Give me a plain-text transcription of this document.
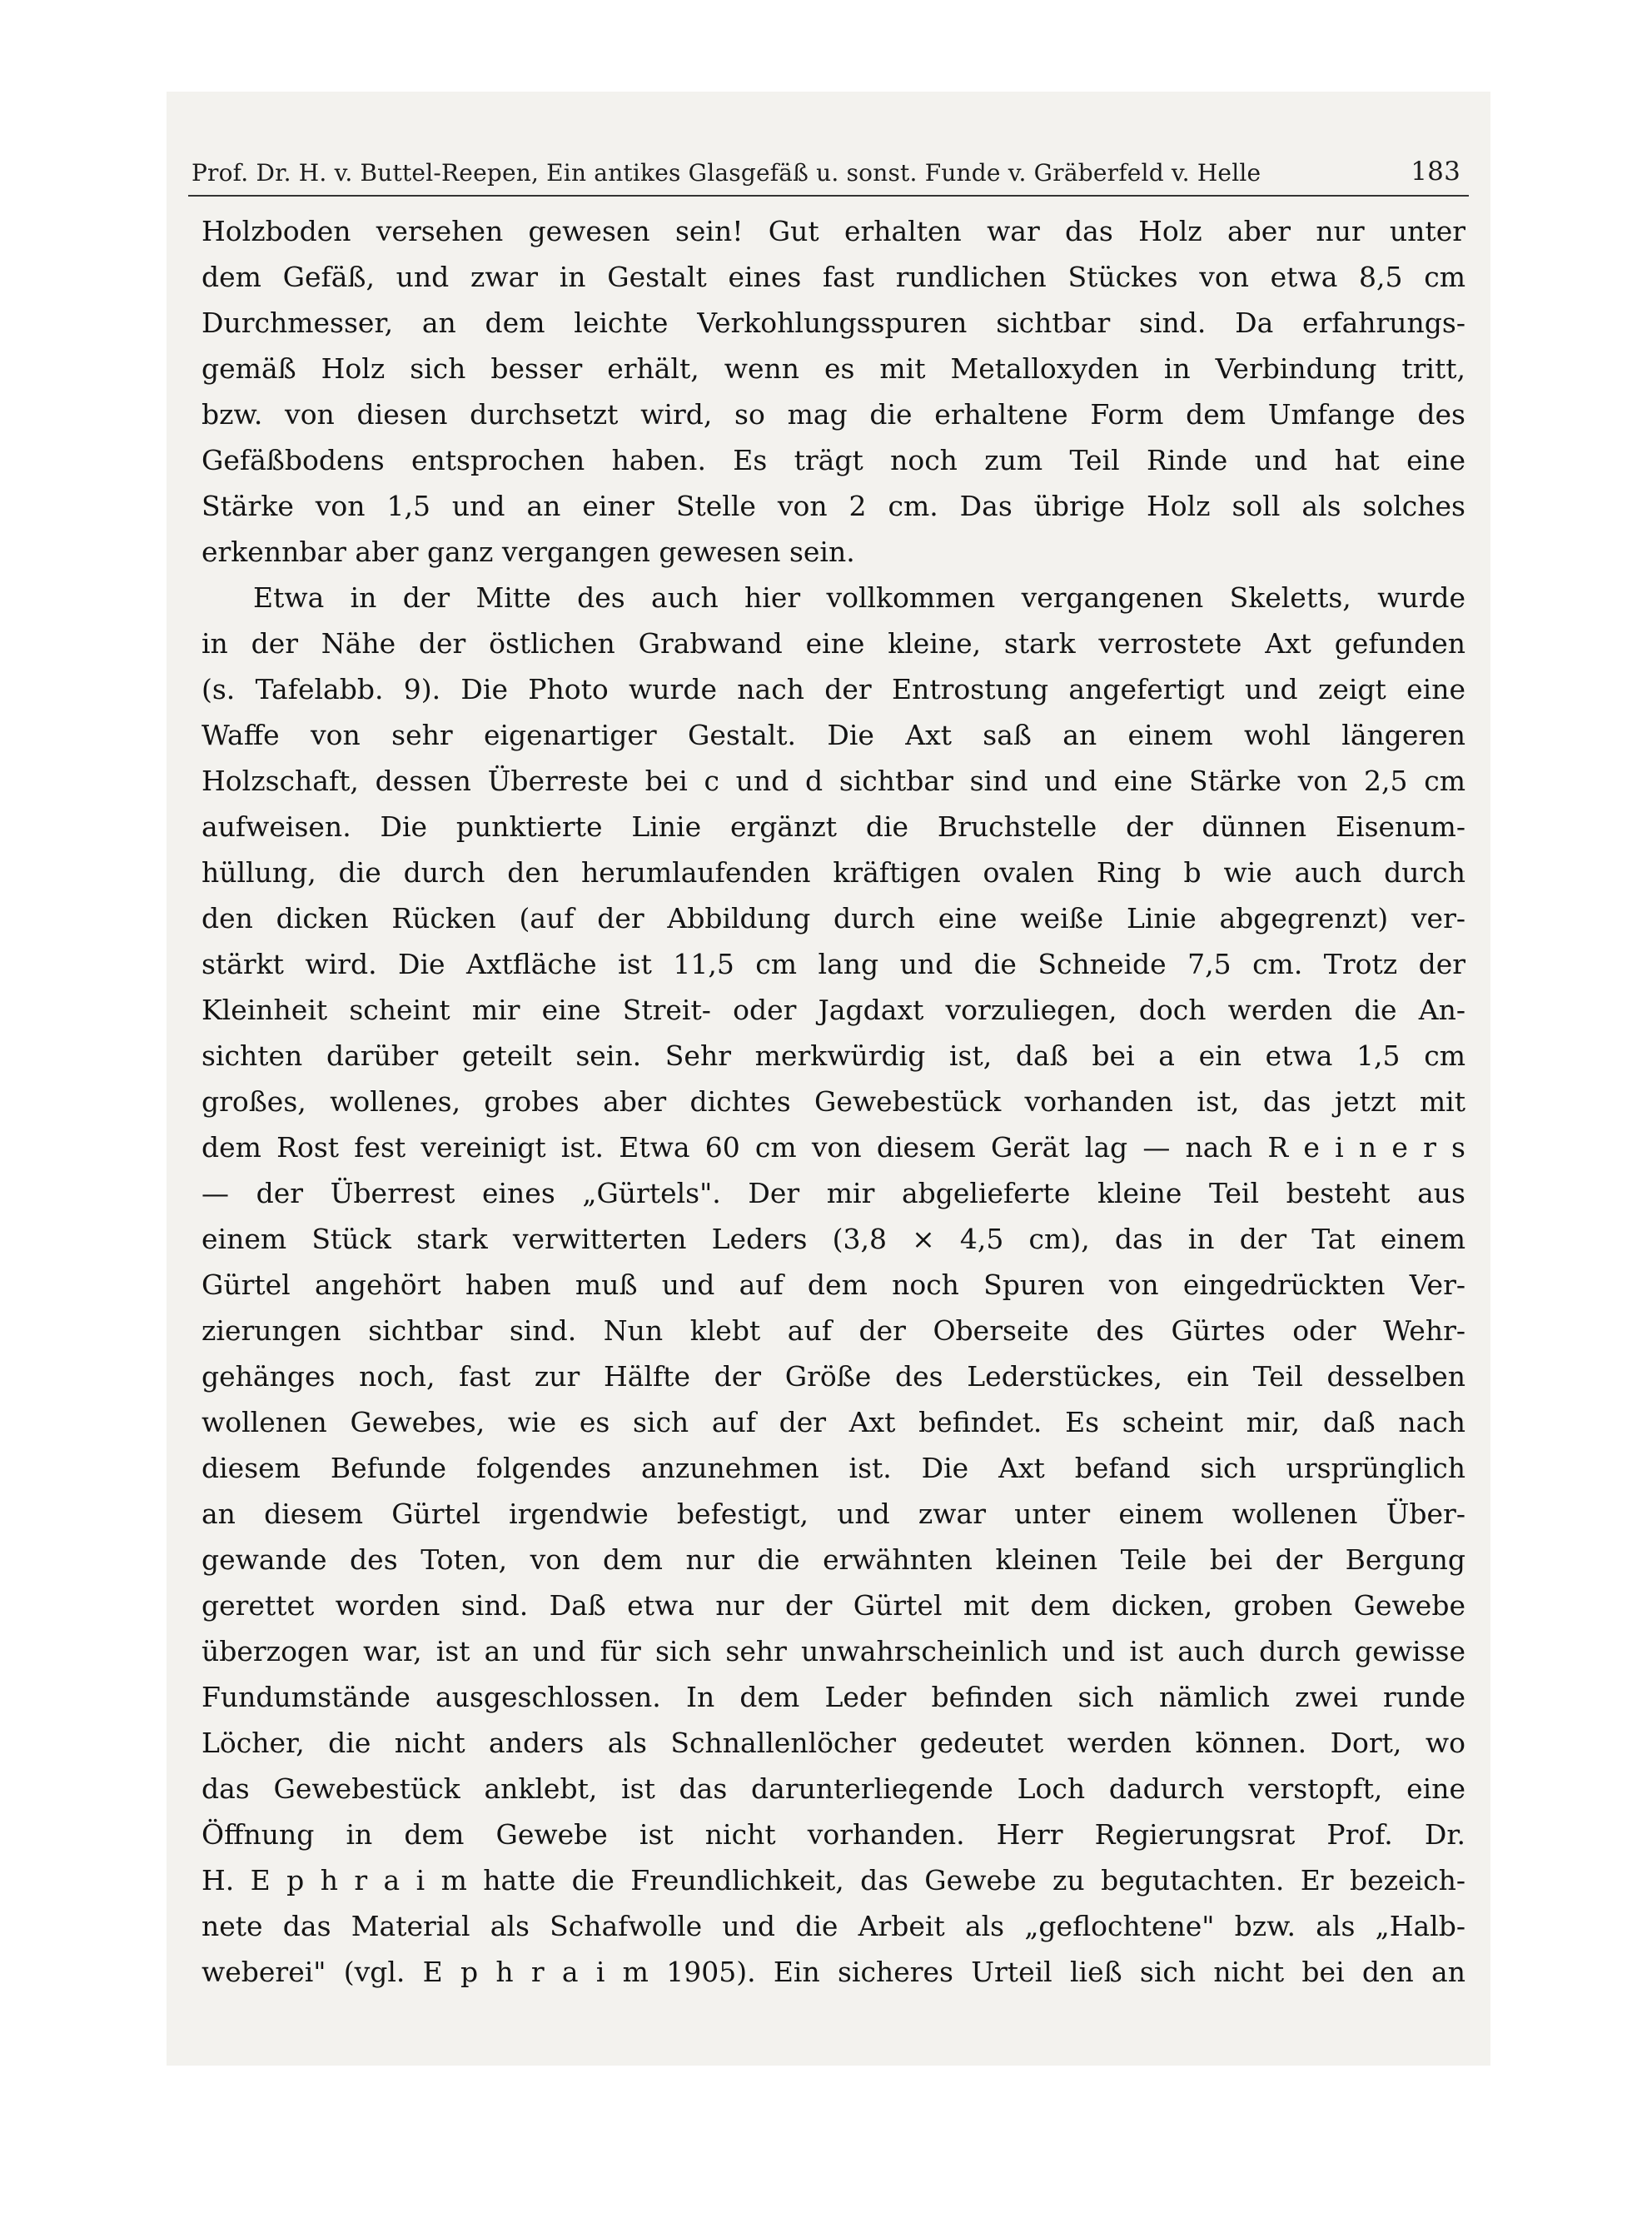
Prof. Dr. H. v. Buttel-Reepen, Ein antikes Glasgefäß u. sonst. Funde v. Gräberfeld v. Helle	183
Holzboden versehen gewesen sein! Gut erhalten war das Holz aber nur unter
dem Gefäß, und zwar in Gestalt eines fast rundlichen Stückes von etwa 8,5 cm
Durchmesser, an dem leichte Verkohlungsspuren sichtbar sind. Da erfahrungs-
gemäß Holz sich besser erhält, wenn es mit Metalloxyden in Verbindung tritt,
bzw. von diesen durchsetzt wird, so mag die erhaltene Form dem Umfange des
Gefäßbodens entsprochen haben. Es trägt noch zum Teil Rinde und hat eine
Stärke von 1,5 und an einer Stelle von 2 cm. Das übrige Holz soll als solches
erkennbar aber ganz vergangen gewesen sein.
Etwa in der Mitte des auch hier vollkommen vergangenen Skeletts, wurde
in der Nähe der östlichen Grabwand eine kleine, stark verrostete Axt gefunden
(s. Tafelabb. 9). Die Photo wurde nach der Entrostung angefertigt und zeigt eine
Waffe von sehr eigenartiger Gestalt. Die Axt saß an einem wohl längeren
Holzschaft, dessen Überreste bei c und d sichtbar sind und eine Stärke von 2,5 cm
aufweisen. Die punktierte Linie ergänzt die Bruchstelle der dünnen Eisenum-
hüllung, die durch den herumlaufenden kräftigen ovalen Ring b wie auch durch
den dicken Rücken (auf der Abbildung durch eine weiße Linie abgegrenzt) ver-
stärkt wird. Die Axtfläche ist 11,5 cm lang und die Schneide 7,5 cm. Trotz der
Kleinheit scheint mir eine Streit- oder Jagdaxt vorzuliegen, doch werden die An-
sichten darüber geteilt sein. Sehr merkwürdig ist, daß bei a ein etwa 1,5 cm
großes, wollenes, grobes aber dichtes Gewebestück vorhanden ist, das jetzt mit
dem Rost fest vereinigt ist. Etwa 60 cm von diesem Gerät lag — nach R e i n e r s
— der Überrest eines „Gürtels". Der mir abgelieferte kleine Teil besteht aus
einem Stück stark verwitterten Leders (3,8 × 4,5 cm), das in der Tat einem
Gürtel angehört haben muß und auf dem noch Spuren von eingedrückten Ver-
zierungen sichtbar sind. Nun klebt auf der Oberseite des Gürtes oder Wehr-
gehänges noch, fast zur Hälfte der Größe des Lederstückes, ein Teil desselben
wollenen Gewebes, wie es sich auf der Axt befindet. Es scheint mir, daß nach
diesem Befunde folgendes anzunehmen ist. Die Axt befand sich ursprünglich
an diesem Gürtel irgendwie befestigt, und zwar unter einem wollenen Über-
gewande des Toten, von dem nur die erwähnten kleinen Teile bei der Bergung
gerettet worden sind. Daß etwa nur der Gürtel mit dem dicken, groben Gewebe
überzogen war, ist an und für sich sehr unwahrscheinlich und ist auch durch gewisse
Fundumstände ausgeschlossen. In dem Leder befinden sich nämlich zwei runde
Löcher, die nicht anders als Schnallenlöcher gedeutet werden können. Dort, wo
das Gewebestück anklebt, ist das darunterliegende Loch dadurch verstopft, eine
Öffnung in dem Gewebe ist nicht vorhanden. Herr Regierungsrat Prof. Dr.
H. E p h r a i m hatte die Freundlichkeit, das Gewebe zu begutachten. Er bezeich-
nete das Material als Schafwolle und die Arbeit als „geflochtene" bzw. als „Halb-
weberei" (vgl. E p h r a i m 1905). Ein sicheres Urteil ließ sich nicht bei den an
